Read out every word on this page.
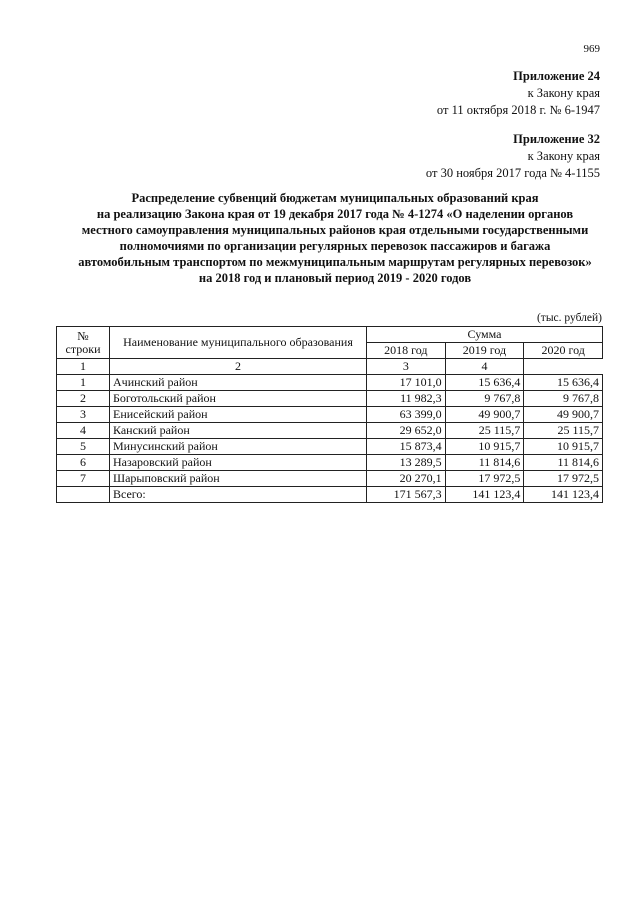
969
Приложение 24
к Закону края
от 11 октября 2018 г. № 6-1947
Приложение 32
к Закону края
от 30 ноября 2017 года № 4-1155
Распределение субвенций бюджетам муниципальных образований края
на реализацию Закона края от 19 декабря 2017 года № 4-1274 «О наделении органов
местного самоуправления муниципальных районов края отдельными государственными
полномочиями по организации регулярных перевозок пассажиров и багажа
автомобильным транспортом по межмуниципальным маршрутам регулярных перевозок»
на 2018 год и плановый период 2019 - 2020 годов
(тыс. рублей)
№ строки	Наименование муниципального образования	Сумма		
		2018 год	2019 год	2020 год
1	2	3	4	
1	Ачинский район	17 101,0	15 636,4	15 636,4
2	Боготольский район	11 982,3	9 767,8	9 767,8
3	Енисейский район	63 399,0	49 900,7	49 900,7
4	Канский район	29 652,0	25 115,7	25 115,7
5	Минусинский район	15 873,4	10 915,7	10 915,7
6	Назаровский район	13 289,5	11 814,6	11 814,6
7	Шарыповский район	20 270,1	17 972,5	17 972,5
	Всего:	171 567,3	141 123,4	141 123,4
